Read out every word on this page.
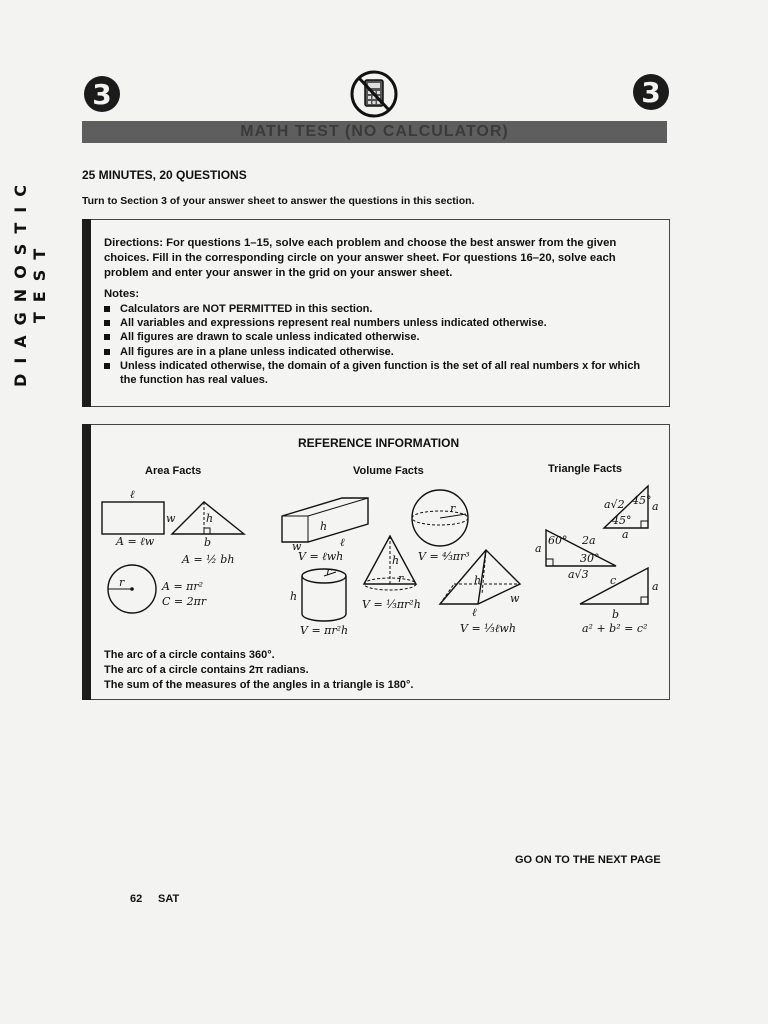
DIAGNOSTIC TEST
3	3
MATH TEST (NO CALCULATOR)
25 MINUTES, 20 QUESTIONS
Turn to Section 3 of your answer sheet to answer the questions in this section.
Directions: For questions 1–15, solve each problem and choose the best answer from the given choices. Fill in the corresponding circle on your answer sheet. For questions 16–20, solve each problem and enter your answer in the grid on your answer sheet.
Notes:
Calculators are NOT PERMITTED in this section.
All variables and expressions represent real numbers unless indicated otherwise.
All figures are drawn to scale unless indicated otherwise.
All figures are in a plane unless indicated otherwise.
Unless indicated otherwise, the domain of a given function is the set of all real numbers x for which the function has real values.
REFERENCE INFORMATION
Area Facts	Volume Facts	Triangle Facts
ℓ
w	h
b
r
h
ℓ
w
r
h
r
r
h
h
ℓ
w
a√2 45°
45°
a
a
60°
30°
a
2a
a√3 c	a
b
A = ℓw
A = ½ bh
A = πr²
C = 2πr
V = ℓwh	V = ⁴⁄₃πr³
V = ⅓πr²h
V = πr²h	V = ⅓ℓwh	a² + b² = c²
The arc of a circle contains 360°.
The arc of a circle contains 2π radians.
The sum of the measures of the angles in a triangle is 180°.
GO ON TO THE NEXT PAGE
62 SAT
